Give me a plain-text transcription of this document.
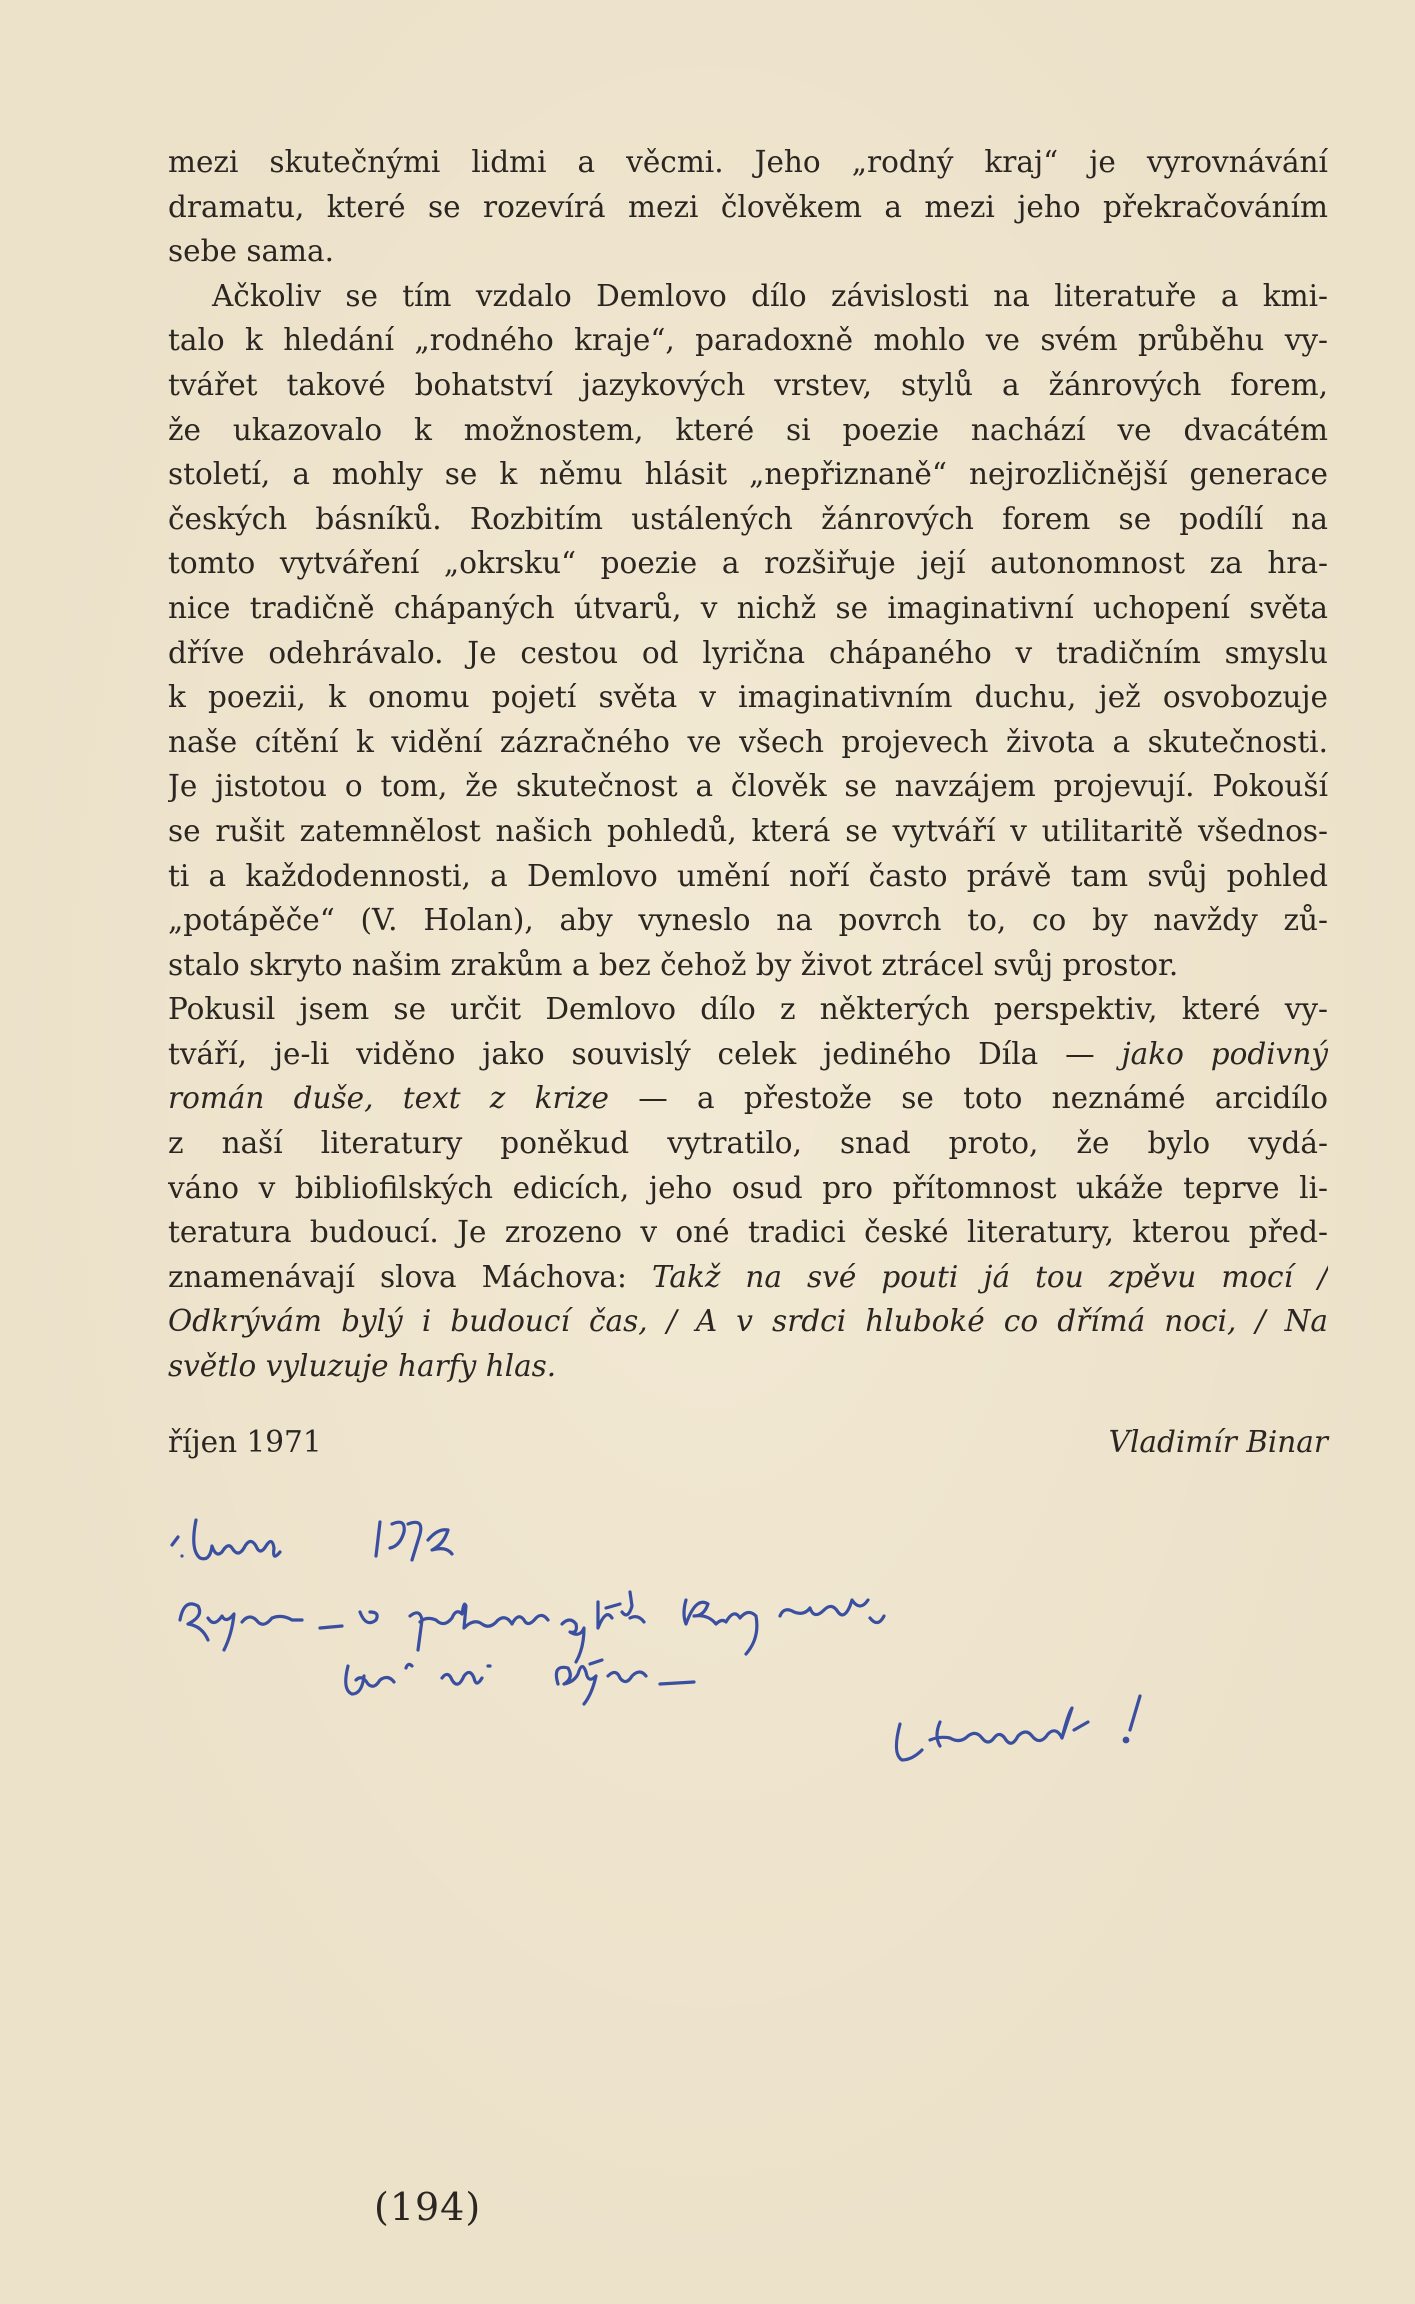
mezi skutečnými lidmi a věcmi. Jeho „rodný kraj“ je vyrovnávání
dramatu, které se rozevírá mezi člověkem a mezi jeho překračováním
sebe sama.
Ačkoliv se tím vzdalo Demlovo dílo závislosti na literatuře a kmi-
talo k hledání „rodného kraje“, paradoxně mohlo ve svém průběhu vy-
tvářet takové bohatství jazykových vrstev, stylů a žánrových forem,
že ukazovalo k možnostem, které si poezie nachází ve dvacátém
století, a mohly se k němu hlásit „nepřiznaně“ nejrozličnější generace
českých básníků. Rozbitím ustálených žánrových forem se podílí na
tomto vytváření „okrsku“ poezie a rozšiřuje její autonomnost za hra-
nice tradičně chápaných útvarů, v nichž se imaginativní uchopení světa
dříve odehrávalo. Je cestou od lyrična chápaného v tradičním smyslu
k poezii, k onomu pojetí světa v imaginativním duchu, jež osvobozuje
naše cítění k vidění zázračného ve všech projevech života a skutečnosti.
Je jistotou o tom, že skutečnost a člověk se navzájem projevují. Pokouší
se rušit zatemnělost našich pohledů, která se vytváří v utilitaritě všednos-
ti a každodennosti, a Demlovo umění noří často právě tam svůj pohled
„potápěče“ (V. Holan), aby vyneslo na povrch to, co by navždy zů-
stalo skryto našim zrakům a bez čehož by život ztrácel svůj prostor.
Pokusil jsem se určit Demlovo dílo z některých perspektiv, které vy-
tváří, je-li viděno jako souvislý celek jediného Díla — jako podivný
román duše, text z krize — a přestože se toto neznámé arcidílo
z naší literatury poněkud vytratilo, snad proto, že bylo vydá-
váno v bibliofilských edicích, jeho osud pro přítomnost ukáže teprve li-
teratura budoucí. Je zrozeno v oné tradici české literatury, kterou před-
znamenávají slova Máchova: Takž na své pouti já tou zpěvu mocí /
Odkrývám bylý i budoucí čas, / A v srdci hluboké co dřímá noci, / Na
světlo vyluzuje harfy hlas.
říjen 1971	Vladimír Binar
(194)
